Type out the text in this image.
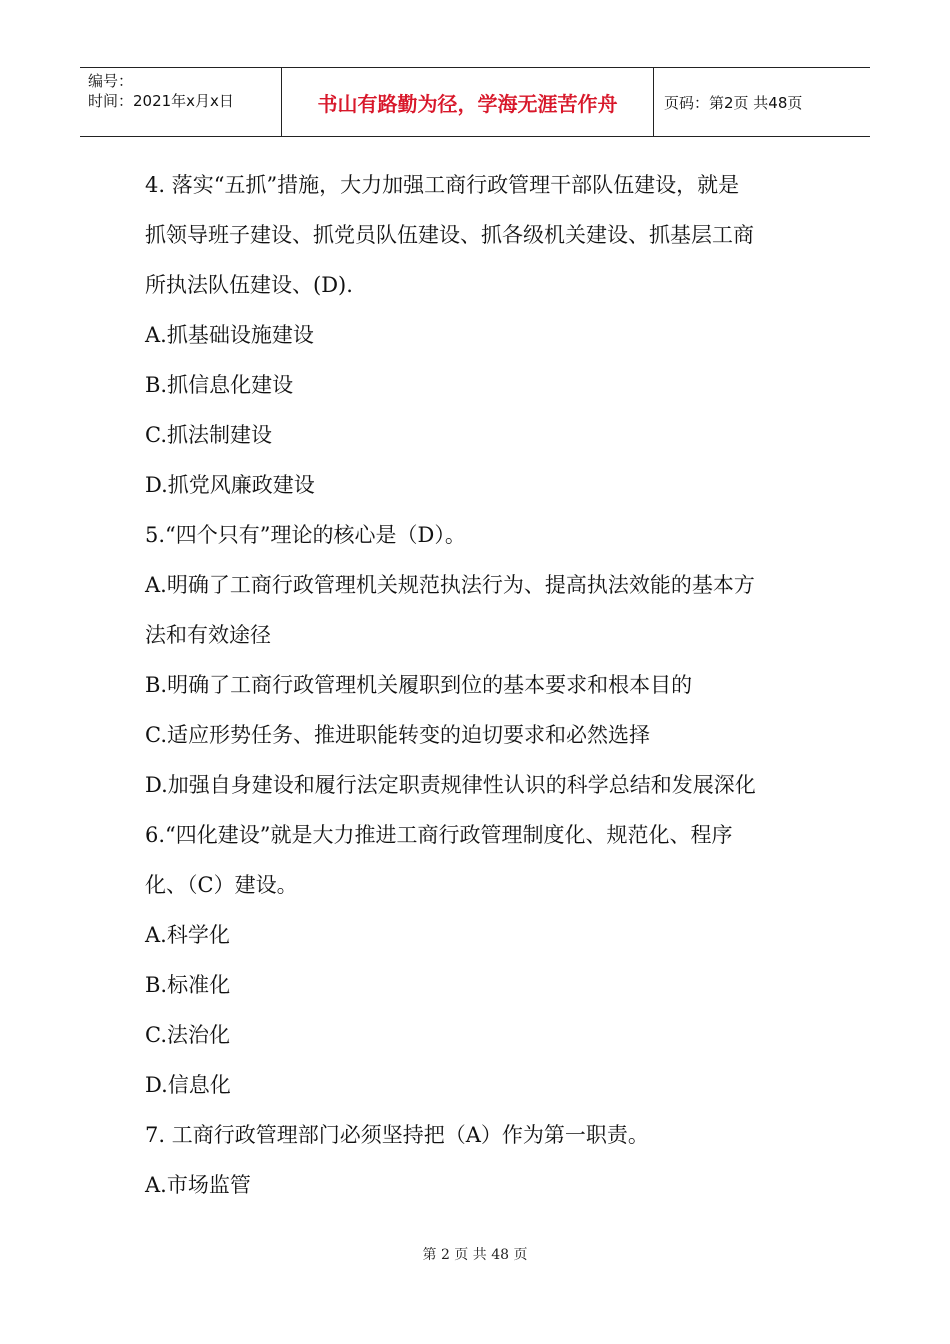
编号：
时间：2021年x月x日	书山有路勤为径，学海无涯苦作舟	页码：第2页 共48页
4. 落实“五抓”措施，大力加强工商行政管理干部队伍建设，就是
抓领导班子建设、抓党员队伍建设、抓各级机关建设、抓基层工商
所执法队伍建设、(D).
A.抓基础设施建设
B.抓信息化建设
C.抓法制建设
D.抓党风廉政建设
5.“四个只有”理论的核心是（D）。
A.明确了工商行政管理机关规范执法行为、提高执法效能的基本方
法和有效途径
B.明确了工商行政管理机关履职到位的基本要求和根本目的
C.适应形势任务、推进职能转变的迫切要求和必然选择
D.加强自身建设和履行法定职责规律性认识的科学总结和发展深化
6.“四化建设”就是大力推进工商行政管理制度化、规范化、程序
化、（C）建设。
A.科学化
B.标准化
C.法治化
D.信息化
7. 工商行政管理部门必须坚持把（A）作为第一职责。
A.市场监管
第 2 页 共 48 页
